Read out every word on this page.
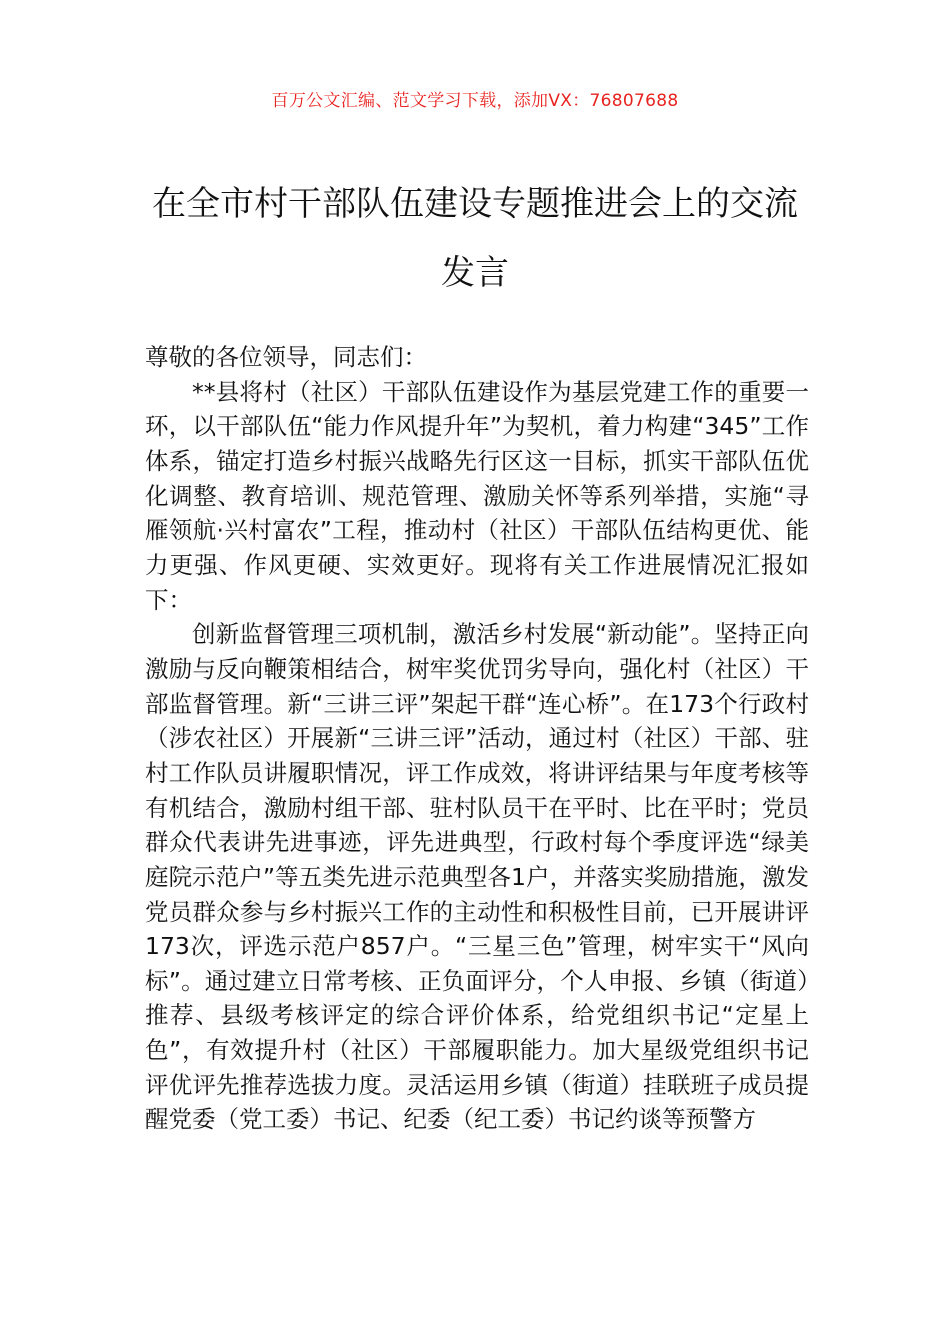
百万公文汇编、范文学习下载，添加VX：76807688
在全市村干部队伍建设专题推进会上的交流发言

尊敬的各位领导，同志们：

**县将村（社区）干部队伍建设作为基层党建工作的重要一环，以干部队伍“能力作风提升年”为契机，着力构建“345”工作体系，锚定打造乡村振兴战略先行区这一目标，抓实干部队伍优化调整、教育培训、规范管理、激励关怀等系列举措，实施“寻雁领航·兴村富农”工程，推动村（社区）干部队伍结构更优、能力更强、作风更硬、实效更好。现将有关工作进展情况汇报如下：

创新监督管理三项机制，激活乡村发展“新动能”。坚持正向激励与反向鞭策相结合，树牢奖优罚劣导向，强化村（社区）干部监督管理。新“三讲三评”架起干群“连心桥”。在173个行政村（涉农社区）开展新“三讲三评”活动，通过村（社区）干部、驻村工作队员讲履职情况，评工作成效，将讲评结果与年度考核等有机结合，激励村组干部、驻村队员干在平时、比在平时；党员群众代表讲先进事迹，评先进典型，行政村每个季度评选“绿美庭院示范户”等五类先进示范典型各1户，并落实奖励措施，激发党员群众参与乡村振兴工作的主动性和积极性目前，已开展讲评173次，评选示范户857户。“三星三色”管理，树牢实干“风向标”。通过建立日常考核、正负面评分，个人申报、乡镇（街道）推荐、县级考核评定的综合评价体系，给党组织书记“定星上色”，有效提升村（社区）干部履职能力。加大星级党组织书记评优评先推荐选拔力度。灵活运用乡镇（街道）挂联班子成员提醒党委（党工委）书记、纪委（纪工委）书记约谈等预警方
